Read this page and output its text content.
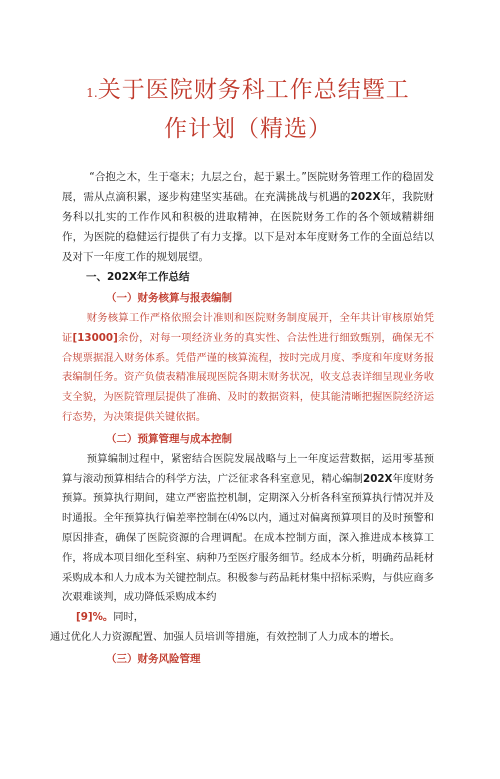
1.关于医院财务科工作总结暨工
作计划（精选）
“合抱之木，生于毫末；九层之台，起于累土。”医院财务管理工作的稳固发展，需从点滴积累，逐步构建坚实基础。在充满挑战与机遇的202X年，我院财务科以扎实的工作作风和积极的进取精神，在医院财务工作的各个领域精耕细作，为医院的稳健运行提供了有力支撑。以下是对本年度财务工作的全面总结以及对下一年度工作的规划展望。
一、202X年工作总结
（一）财务核算与报表编制
财务核算工作严格依照会计准则和医院财务制度展开，全年共计审核原始凭证[13000]余份，对每一项经济业务的真实性、合法性进行细致甄别，确保无不合规票据混入财务体系。凭借严谨的核算流程，按时完成月度、季度和年度财务报表编制任务。资产负债表精准展现医院各期末财务状况，收支总表详细呈现业务收支全貌，为医院管理层提供了准确、及时的数据资料，使其能清晰把握医院经济运行态势，为决策提供关键依据。
（二）预算管理与成本控制
预算编制过程中，紧密结合医院发展战略与上一年度运营数据，运用零基预算与滚动预算相结合的科学方法，广泛征求各科室意见，精心编制202X年度财务预算。预算执行期间，建立严密监控机制，定期深入分析各科室预算执行情况并及时通报。全年预算执行偏差率控制在⑷%以内，通过对偏离预算项目的及时预警和原因排查，确保了医院资源的合理调配。在成本控制方面，深入推进成本核算工作，将成本项目细化至科室、病种乃至医疗服务细节。经成本分析，明确药品耗材采购成本和人力成本为关键控制点。积极参与药品耗材集中招标采购，与供应商多次艰难谈判，成功降低采购成本约
[9]%。同时，
通过优化人力资源配置、加强人员培训等措施，有效控制了人力成本的增长。
（三）财务风险管理
